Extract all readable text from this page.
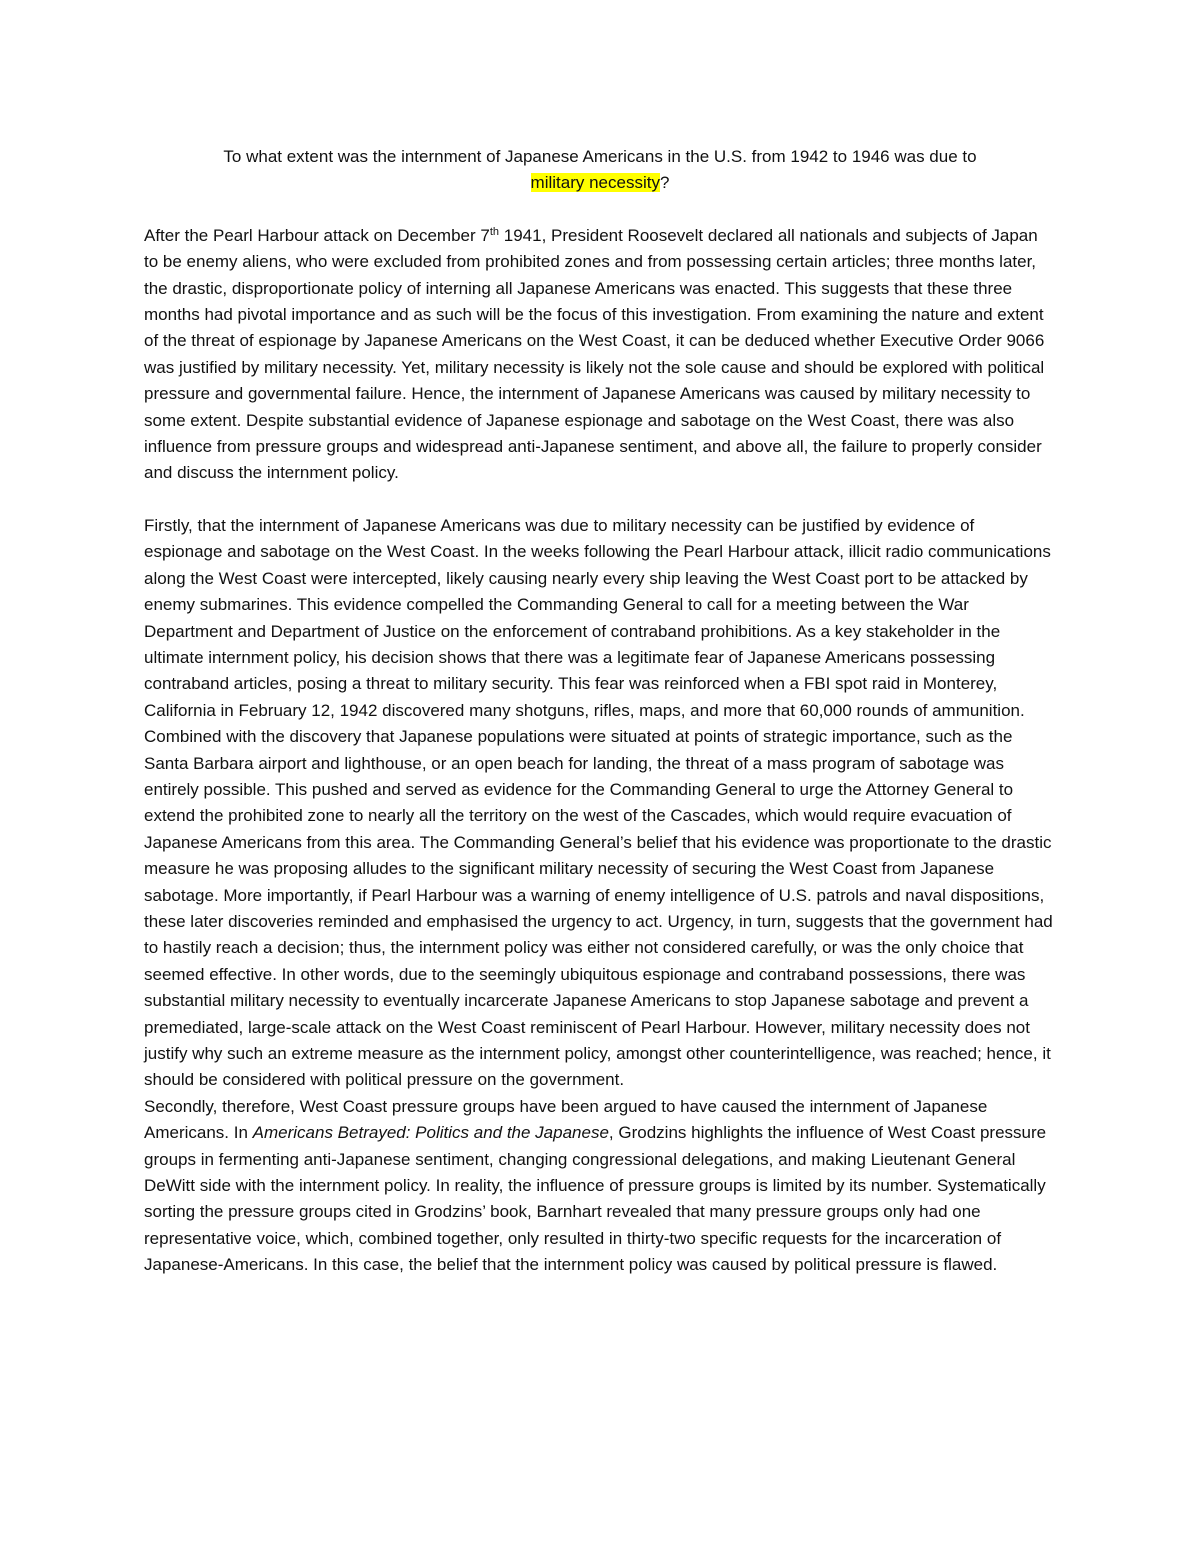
To what extent was the internment of Japanese Americans in the U.S. from 1942 to 1946 was due to
military necessity?

After the Pearl Harbour attack on December 7th 1941, President Roosevelt declared all nationals and subjects of Japan to be enemy aliens, who were excluded from prohibited zones and from possessing certain articles; three months later, the drastic, disproportionate policy of interning all Japanese Americans was enacted. This suggests that these three months had pivotal importance and as such will be the focus of this investigation. From examining the nature and extent of the threat of espionage by Japanese Americans on the West Coast, it can be deduced whether Executive Order 9066 was justified by military necessity. Yet, military necessity is likely not the sole cause and should be explored with political pressure and governmental failure. Hence, the internment of Japanese Americans was caused by military necessity to some extent. Despite substantial evidence of Japanese espionage and sabotage on the West Coast, there was also influence from pressure groups and widespread anti-Japanese sentiment, and above all, the failure to properly consider and discuss the internment policy.

Firstly, that the internment of Japanese Americans was due to military necessity can be justified by evidence of espionage and sabotage on the West Coast. In the weeks following the Pearl Harbour attack, illicit radio communications along the West Coast were intercepted, likely causing nearly every ship leaving the West Coast port to be attacked by enemy submarines. This evidence compelled the Commanding General to call for a meeting between the War Department and Department of Justice on the enforcement of contraband prohibitions. As a key stakeholder in the ultimate internment policy, his decision shows that there was a legitimate fear of Japanese Americans possessing contraband articles, posing a threat to military security. This fear was reinforced when a FBI spot raid in Monterey, California in February 12, 1942 discovered many shotguns, rifles, maps, and more that 60,000 rounds of ammunition. Combined with the discovery that Japanese populations were situated at points of strategic importance, such as the Santa Barbara airport and lighthouse, or an open beach for landing, the threat of a mass program of sabotage was entirely possible. This pushed and served as evidence for the Commanding General to urge the Attorney General to extend the prohibited zone to nearly all the territory on the west of the Cascades, which would require evacuation of Japanese Americans from this area. The Commanding General’s belief that his evidence was proportionate to the drastic measure he was proposing alludes to the significant military necessity of securing the West Coast from Japanese sabotage. More importantly, if Pearl Harbour was a warning of enemy intelligence of U.S. patrols and naval dispositions, these later discoveries reminded and emphasised the urgency to act. Urgency, in turn, suggests that the government had to hastily reach a decision; thus, the internment policy was either not considered carefully, or was the only choice that seemed effective. In other words, due to the seemingly ubiquitous espionage and contraband possessions, there was substantial military necessity to eventually incarcerate Japanese Americans to stop Japanese sabotage and prevent a premediated, large-scale attack on the West Coast reminiscent of Pearl Harbour. However, military necessity does not justify why such an extreme measure as the internment policy, amongst other counterintelligence, was reached; hence, it should be considered with political pressure on the government.

Secondly, therefore, West Coast pressure groups have been argued to have caused the internment of Japanese Americans. In Americans Betrayed: Politics and the Japanese, Grodzins highlights the influence of West Coast pressure groups in fermenting anti-Japanese sentiment, changing congressional delegations, and making Lieutenant General DeWitt side with the internment policy. In reality, the influence of pressure groups is limited by its number. Systematically sorting the pressure groups cited in Grodzins’ book, Barnhart revealed that many pressure groups only had one representative voice, which, combined together, only resulted in thirty-two specific requests for the incarceration of Japanese-Americans. In this case, the belief that the internment policy was caused by political pressure is flawed.
